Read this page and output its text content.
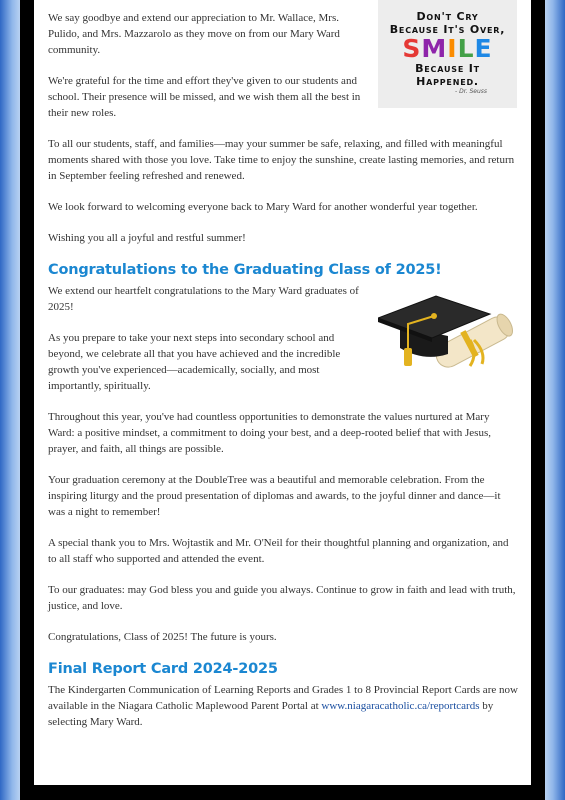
Don't Cry
Because It's Over,
SMILE
Because It
Happened.
- Dr. Seuss

We say goodbye and extend our appreciation to Mr. Wallace, Mrs. Pulido, and Mrs. Mazzarolo as they move on from our Mary Ward community.

We're grateful for the time and effort they've given to our students and school. Their presence will be missed, and we wish them all the best in their new roles.

To all our students, staff, and families—may your summer be safe, relaxing, and filled with meaningful moments shared with those you love. Take time to enjoy the sunshine, create lasting memories, and return in September feeling refreshed and renewed.

We look forward to welcoming everyone back to Mary Ward for another wonderful year together.

Wishing you all a joyful and restful summer!

Congratulations to the Graduating Class of 2025!

We extend our heartfelt congratulations to the Mary Ward graduates of 2025!

As you prepare to take your next steps into secondary school and beyond, we celebrate all that you have achieved and the incredible growth you've experienced—academically, socially, and most importantly, spiritually.

Throughout this year, you've had countless opportunities to demonstrate the values nurtured at Mary Ward: a positive mindset, a commitment to doing your best, and a deep-rooted belief that with Jesus, prayer, and faith, all things are possible.

Your graduation ceremony at the DoubleTree was a beautiful and memorable celebration. From the inspiring liturgy and the proud presentation of diplomas and awards, to the joyful dinner and dance—it was a night to remember!

A special thank you to Mrs. Wojtastik and Mr. O'Neil for their thoughtful planning and organization, and to all staff who supported and attended the event.

To our graduates: may God bless you and guide you always. Continue to grow in faith and lead with truth, justice, and love.

Congratulations, Class of 2025! The future is yours.

Final Report Card 2024-2025

The Kindergarten Communication of Learning Reports and Grades 1 to 8 Provincial Report Cards are now available in the Niagara Catholic Maplewood Parent Portal at www.niagaracatholic.ca/reportcards by selecting Mary Ward.
